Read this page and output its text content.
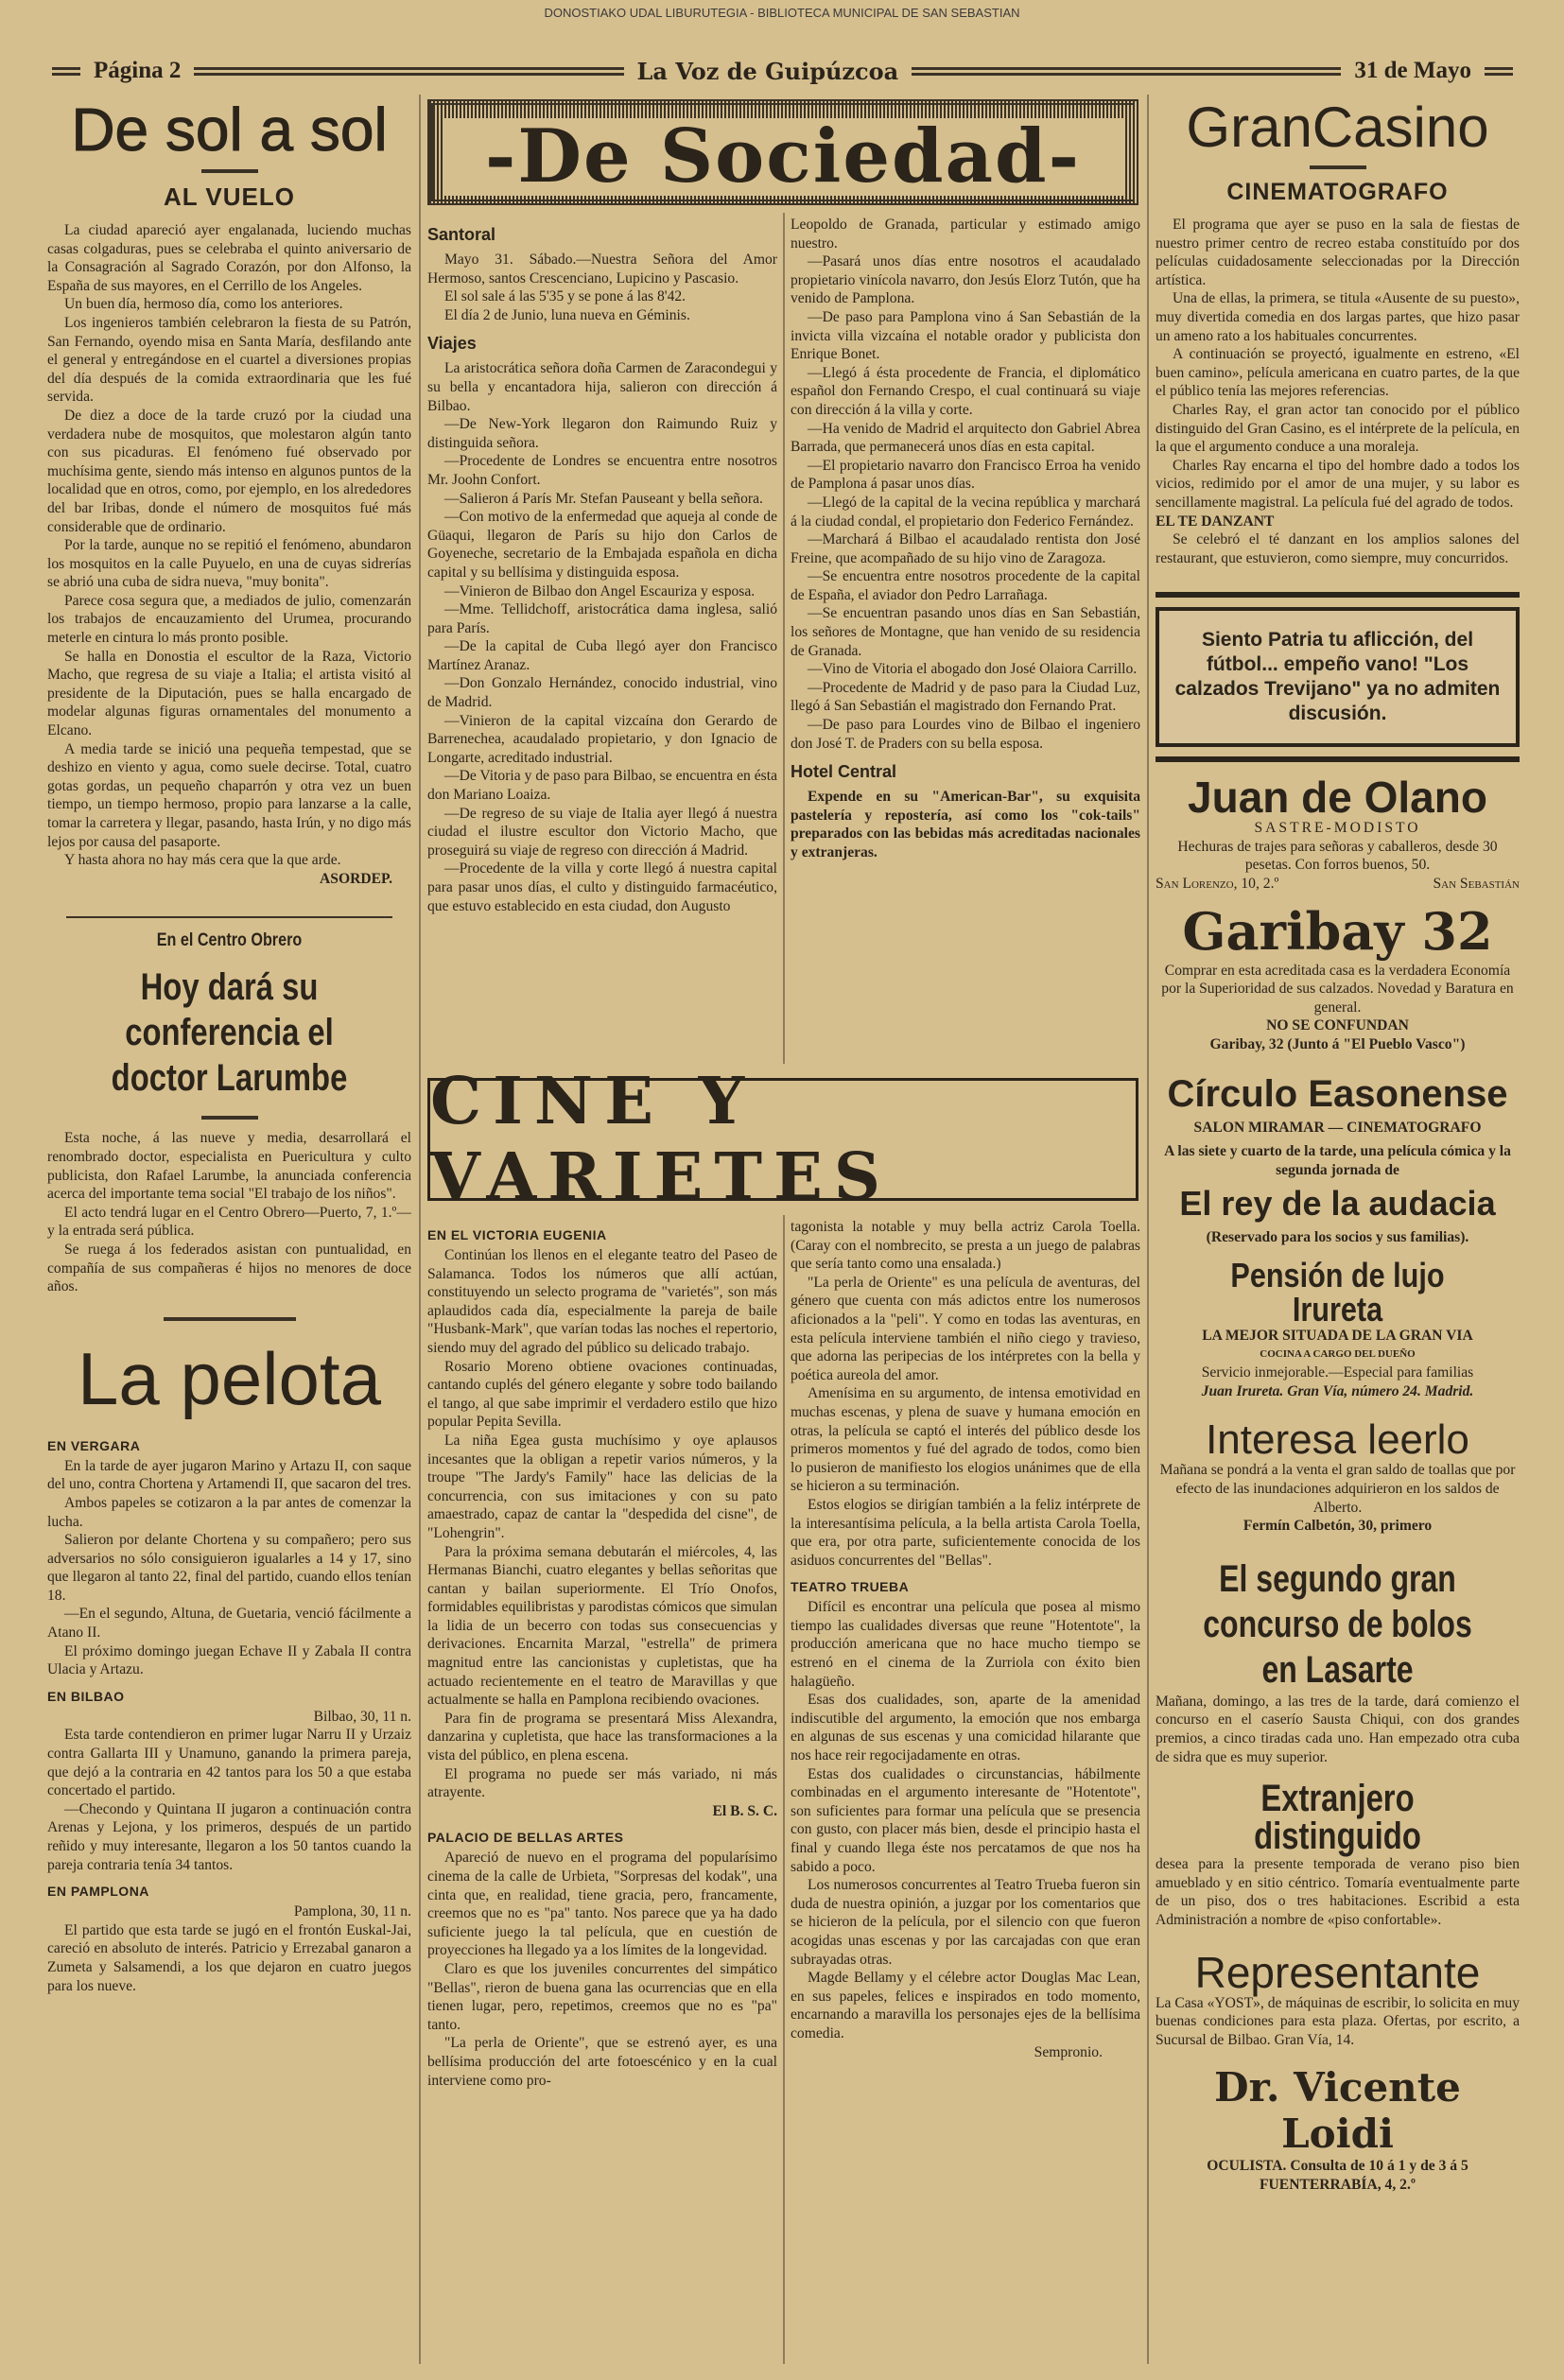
DONOSTIAKO UDAL LIBURUTEGIA - BIBLIOTECA MUNICIPAL DE SAN SEBASTIAN
Página 2	La Voz de Guipúzcoa	31 de Mayo
De sol a sol
AL VUELO

La ciudad apareció ayer engalanada, luciendo muchas casas colgaduras, pues se celebraba el quinto aniversario de la Consagración al Sagrado Corazón, por don Alfonso, la España de sus mayores, en el Cerrillo de los Angeles.

Un buen día, hermoso día, como los anteriores.

Los ingenieros también celebraron la fiesta de su Patrón, San Fernando, oyendo misa en Santa María, desfilando ante el general y entregándose en el cuartel a diversiones propias del día después de la comida extraordinaria que les fué servida.

De diez a doce de la tarde cruzó por la ciudad una verdadera nube de mosquitos, que molestaron algún tanto con sus picaduras. El fenómeno fué observado por muchísima gente, siendo más intenso en algunos puntos de la localidad que en otros, como, por ejemplo, en los alrededores del bar Iribas, donde el número de mosquitos fué más considerable que de ordinario.

Por la tarde, aunque no se repitió el fenómeno, abundaron los mosquitos en la calle Puyuelo, en una de cuyas sidrerías se abrió una cuba de sidra nueva, "muy bonita".

Parece cosa segura que, a mediados de julio, comenzarán los trabajos de encauzamiento del Urumea, procurando meterle en cintura lo más pronto posible.

Se halla en Donostia el escultor de la Raza, Victorio Macho, que regresa de su viaje a Italia; el artista visitó al presidente de la Diputación, pues se halla encargado de modelar algunas figuras ornamentales del monumento a Elcano.

A media tarde se inició una pequeña tempestad, que se deshizo en viento y agua, como suele decirse. Total, cuatro gotas gordas, un pequeño chaparrón y otra vez un buen tiempo, un tiempo hermoso, propio para lanzarse a la calle, tomar la carretera y llegar, pasando, hasta Irún, y no digo más lejos por causa del pasaporte.

Y hasta ahora no hay más cera que la que arde.

ASORDEP.
En el Centro Obrero
Hoy dará su conferencia el doctor Larumbe

Esta noche, á las nueve y media, desarrollará el renombrado doctor, especialista en Puericultura y culto publicista, don Rafael Larumbe, la anunciada conferencia acerca del importante tema social "El trabajo de los niños".

El acto tendrá lugar en el Centro Obrero—Puerto, 7, 1.º—y la entrada será pública.

Se ruega á los federados asistan con puntualidad, en compañía de sus compañeras é hijos no menores de doce años.

La pelota
EN VERGARA

En la tarde de ayer jugaron Marino y Artazu II, con saque del uno, contra Chortena y Artamendi II, que sacaron del tres.

Ambos papeles se cotizaron a la par antes de comenzar la lucha.

Salieron por delante Chortena y su compañero; pero sus adversarios no sólo consiguieron igualarles a 14 y 17, sino que llegaron al tanto 22, final del partido, cuando ellos tenían 18.

—En el segundo, Altuna, de Guetaria, venció fácilmente a Atano II.

El próximo domingo juegan Echave II y Zabala II contra Ulacia y Artazu.

EN BILBAO
Bilbao, 30, 11 n.

Esta tarde contendieron en primer lugar Narru II y Urzaiz contra Gallarta III y Unamuno, ganando la primera pareja, que dejó a la contraria en 42 tantos para los 50 a que estaba concertado el partido.

—Checondo y Quintana II jugaron a continuación contra Arenas y Lejona, y los primeros, después de un partido reñido y muy interesante, llegaron a los 50 tantos cuando la pareja contraria tenía 34 tantos.

EN PAMPLONA
Pamplona, 30, 11 n.

El partido que esta tarde se jugó en el frontón Euskal-Jai, careció en absoluto de interés. Patricio y Errezabal ganaron a Zumeta y Salsamendi, a los que dejaron en cuatro juegos para los nueve.

-De Sociedad-
Santoral

Mayo 31. Sábado.—Nuestra Señora del Amor Hermoso, santos Crescenciano, Lupicino y Pascasio.

El sol sale á las 5'35 y se pone á las 8'42.

El día 2 de Junio, luna nueva en Géminis.

Viajes

La aristocrática señora doña Carmen de Zaracondegui y su bella y encantadora hija, salieron con dirección á Bilbao.

—De New-York llegaron don Raimundo Ruiz y distinguida señora.

—Procedente de Londres se encuentra entre nosotros Mr. Joohn Confort.

—Salieron á París Mr. Stefan Pauseant y bella señora.

—Con motivo de la enfermedad que aqueja al conde de Güaqui, llegaron de París su hijo don Carlos de Goyeneche, secretario de la Embajada española en dicha capital y su bellísima y distinguida esposa.

—Vinieron de Bilbao don Angel Escauriza y esposa.

—Mme. Tellidchoff, aristocrática dama inglesa, salió para París.

—De la capital de Cuba llegó ayer don Francisco Martínez Aranaz.

—Don Gonzalo Hernández, conocido industrial, vino de Madrid.

—Vinieron de la capital vizcaína don Gerardo de Barrenechea, acaudalado propietario, y don Ignacio de Longarte, acreditado industrial.

—De Vitoria y de paso para Bilbao, se encuentra en ésta don Mariano Loaiza.

—De regreso de su viaje de Italia ayer llegó á nuestra ciudad el ilustre escultor don Victorio Macho, que proseguirá su viaje de regreso con dirección á Madrid.

—Procedente de la villa y corte llegó á nuestra capital para pasar unos días, el culto y distinguido farmacéutico, que estuvo establecido en esta ciudad, don Augusto

Leopoldo de Granada, particular y estimado amigo nuestro.

—Pasará unos días entre nosotros el acaudalado propietario vinícola navarro, don Jesús Elorz Tutón, que ha venido de Pamplona.

—De paso para Pamplona vino á San Sebastián de la invicta villa vizcaína el notable orador y publicista don Enrique Bonet.

—Llegó á ésta procedente de Francia, el diplomático español don Fernando Crespo, el cual continuará su viaje con dirección á la villa y corte.

—Ha venido de Madrid el arquitecto don Gabriel Abrea Barrada, que permanecerá unos días en esta capital.

—El propietario navarro don Francisco Erroa ha venido de Pamplona á pasar unos días.

—Llegó de la capital de la vecina república y marchará á la ciudad condal, el propietario don Federico Fernández.

—Marchará á Bilbao el acaudalado rentista don José Freine, que acompañado de su hijo vino de Zaragoza.

—Se encuentra entre nosotros procedente de la capital de España, el aviador don Pedro Larrañaga.

—Se encuentran pasando unos días en San Sebastián, los señores de Montagne, que han venido de su residencia de Granada.

—Vino de Vitoria el abogado don José Olaiora Carrillo.

—Procedente de Madrid y de paso para la Ciudad Luz, llegó á San Sebastián el magistrado don Fernando Prat.

—De paso para Lourdes vino de Bilbao el ingeniero don José T. de Praders con su bella esposa.

Hotel Central

Expende en su "American-Bar", su exquisita pastelería y repostería, así como los "cok-tails" preparados con las bebidas más acreditadas nacionales y extranjeras.

CINE Y VARIETES
EN EL VICTORIA EUGENIA

Continúan los llenos en el elegante teatro del Paseo de Salamanca. Todos los números que allí actúan, constituyendo un selecto programa de "varietés", son más aplaudidos cada día, especialmente la pareja de baile "Husbank-Mark", que varían todas las noches el repertorio, siendo muy del agrado del público su delicado trabajo.

Rosario Moreno obtiene ovaciones continuadas, cantando cuplés del género elegante y sobre todo bailando el tango, al que sabe imprimir el verdadero estilo que hizo popular Pepita Sevilla.

La niña Egea gusta muchísimo y oye aplausos incesantes que la obligan a repetir varios números, y la troupe "The Jardy's Family" hace las delicias de la concurrencia, con sus imitaciones y con su pato amaestrado, capaz de cantar la "despedida del cisne", de "Lohengrin".

Para la próxima semana debutarán el miércoles, 4, las Hermanas Bianchi, cuatro elegantes y bellas señoritas que cantan y bailan superiormente. El Trío Onofos, formidables equilibristas y parodistas cómicos que simulan la lidia de un becerro con todas sus consecuencias y derivaciones. Encarnita Marzal, "estrella" de primera magnitud entre las cancionistas y cupletistas, que ha actuado recientemente en el teatro de Maravillas y que actualmente se halla en Pamplona recibiendo ovaciones.

Para fin de programa se presentará Miss Alexandra, danzarina y cupletista, que hace las transformaciones a la vista del público, en plena escena.

El programa no puede ser más variado, ni más atrayente.

El B. S. C.
PALACIO DE BELLAS ARTES

Apareció de nuevo en el programa del popularísimo cinema de la calle de Urbieta, "Sorpresas del kodak", una cinta que, en realidad, tiene gracia, pero, francamente, creemos que no es "pa" tanto. Nos parece que ya ha dado suficiente juego la tal película, que en cuestión de proyecciones ha llegado ya a los límites de la longevidad.

Claro es que los juveniles concurrentes del simpático "Bellas", rieron de buena gana las ocurrencias que en ella tienen lugar, pero, repetimos, creemos que no es "pa" tanto.

"La perla de Oriente", que se estrenó ayer, es una bellísima producción del arte fotoescénico y en la cual interviene como pro-

tagonista la notable y muy bella actriz Carola Toella. (Caray con el nombrecito, se presta a un juego de palabras que sería tanto como una ensalada.)

"La perla de Oriente" es una película de aventuras, del género que cuenta con más adictos entre los numerosos aficionados a la "peli". Y como en todas las aventuras, en esta película interviene también el niño ciego y travieso, que adorna las peripecias de los intérpretes con la bella y poética aureola del amor.

Amenísima en su argumento, de intensa emotividad en muchas escenas, y plena de suave y humana emoción en otras, la película se captó el interés del público desde los primeros momentos y fué del agrado de todos, como bien lo pusieron de manifiesto los elogios unánimes que de ella se hicieron a su terminación.

Estos elogios se dirigían también a la feliz intérprete de la interesantísima película, a la bella artista Carola Toella, que era, por otra parte, suficientemente conocida de los asiduos concurrentes del "Bellas".

TEATRO TRUEBA

Difícil es encontrar una película que posea al mismo tiempo las cualidades diversas que reune "Hotentote", la producción americana que no hace mucho tiempo se estrenó en el cinema de la Zurriola con éxito bien halagüeño.

Esas dos cualidades, son, aparte de la amenidad indiscutible del argumento, la emoción que nos embarga en algunas de sus escenas y una comicidad hilarante que nos hace reir regocijadamente en otras.

Estas dos cualidades o circunstancias, hábilmente combinadas en el argumento interesante de "Hotentote", son suficientes para formar una película que se presencia con gusto, con placer más bien, desde el principio hasta el final y cuando llega éste nos percatamos de que nos ha sabido a poco.

Los numerosos concurrentes al Teatro Trueba fueron sin duda de nuestra opinión, a juzgar por los comentarios que se hicieron de la película, por el silencio con que fueron acogidas unas escenas y por las carcajadas con que eran subrayadas otras.

Magde Bellamy y el célebre actor Douglas Mac Lean, en sus papeles, felices e inspirados en todo momento, encarnando a maravilla los personajes ejes de la bellísima comedia.

Sempronio.
GranCasino
CINEMATOGRAFO

El programa que ayer se puso en la sala de fiestas de nuestro primer centro de recreo estaba constituído por dos películas cuidadosamente seleccionadas por la Dirección artística.

Una de ellas, la primera, se titula «Ausente de su puesto», muy divertida comedia en dos largas partes, que hizo pasar un ameno rato a los habituales concurrentes.

A continuación se proyectó, igualmente en estreno, «El buen camino», película americana en cuatro partes, de la que el público tenía las mejores referencias.

Charles Ray, el gran actor tan conocido por el público distinguido del Gran Casino, es el intérprete de la película, en la que el argumento conduce a una moraleja.

Charles Ray encarna el tipo del hombre dado a todos los vicios, redimido por el amor de una mujer, y su labor es sencillamente magistral. La película fué del agrado de todos.

EL TE DANZANT

Se celebró el té danzant en los amplios salones del restaurant, que estuvieron, como siempre, muy concurridos.

Siento Patria tu aflicción, del fútbol... empeño vano! "Los calzados Trevijano" ya no admiten discusión.
Juan de Olano
SASTRE-MODISTO

Hechuras de trajes para señoras y caballeros, desde 30 pesetas. Con forros buenos, 50.

San Lorenzo, 10, 2.º	San Sebastián
Garibay 32

Comprar en esta acreditada casa es la verdadera Economía por la Superioridad de sus calzados. Novedad y Baratura en general.

NO SE CONFUNDAN
Garibay, 32 (Junto á "El Pueblo Vasco")
Círculo Easonense
SALON MIRAMAR — CINEMATOGRAFO

A las siete y cuarto de la tarde, una película cómica y la segunda jornada de

El rey de la audacia
(Reservado para los socios y sus familias).
Pensión de lujo Irureta
LA MEJOR SITUADA DE LA GRAN VIA
COCINA A CARGO DEL DUEÑO

Servicio inmejorable.—Especial para familias

Juan Irureta. Gran Vía, número 24. Madrid.
Interesa leerlo

Mañana se pondrá a la venta el gran saldo de toallas que por efecto de las inundaciones adquirieron en los saldos de Alberto.

Fermín Calbetón, 30, primero
El segundo gran concurso de bolos en Lasarte

Mañana, domingo, a las tres de la tarde, dará comienzo el concurso en el caserío Sausta Chiqui, con dos grandes premios, a cinco tiradas cada uno. Han empezado otra cuba de sidra que es muy superior.

Extranjero distinguido

desea para la presente temporada de verano piso bien amueblado y en sitio céntrico. Tomaría eventualmente parte de un piso, dos o tres habitaciones. Escribid a esta Administración a nombre de «piso confortable».

Representante

La Casa «YOST», de máquinas de escribir, lo solicita en muy buenas condiciones para esta plaza. Ofertas, por escrito, a Sucursal de Bilbao. Gran Vía, 14.

Dr. Vicente Loidi
OCULISTA. Consulta de 10 á 1 y de 3 á 5
FUENTERRABÍA, 4, 2.º
